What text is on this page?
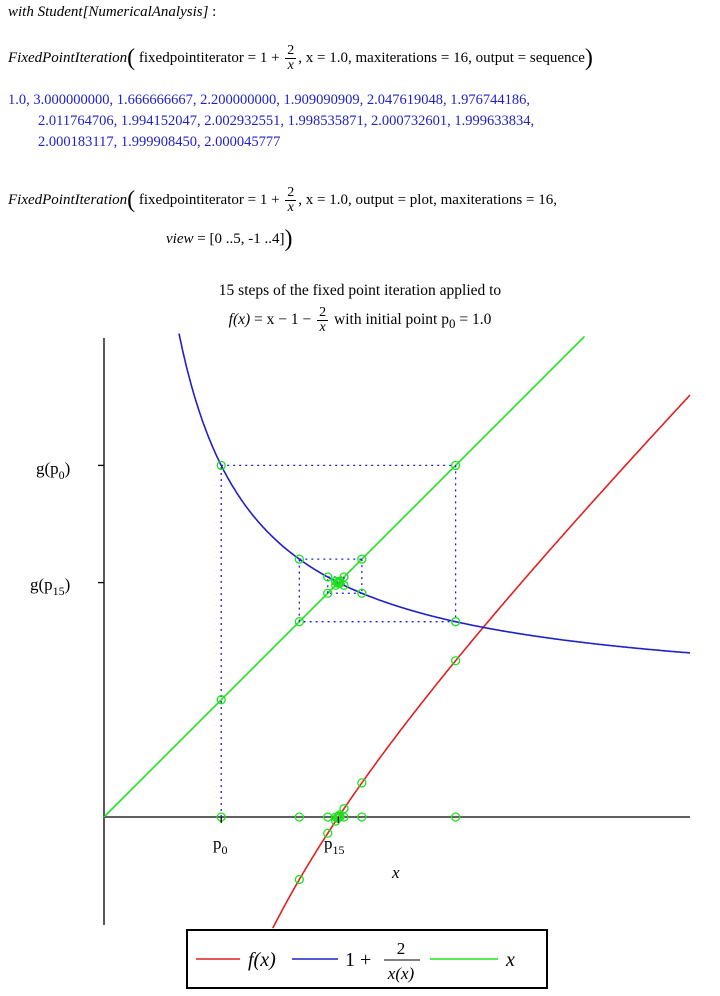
with Student[NumericalAnalysis] :
FixedPointIteration( fixedpointiterator = $1 + \frac{2}{x}$ , x = 1.0, maxiterations = 16, output = sequence)
1.0, 3.000000000, 1.666666667, 2.200000000, 1.909090909, 2.047619048, 1.976744186,
2.011764706, 1.994152047, 2.002932551, 1.998535871, 2.000732601, 1.999633834,
2.000183117, 1.999908450, 2.000045777
FixedPointIteration( fixedpointiterator = $1 + \frac{2}{x}$ , x = 1.0, output = plot, maxiterations = 16,
view = [0 ..5, -1 ..4])
15 steps of the fixed point iteration applied to
$f(x) = x - 1 - \frac{2}{x}$ with initial point $p_0 = 1.0$
$g(p_0)$
$g(p_{15})$
$p_0$	$p_{15}$
x
f(x)	1 +
2
x(x)
x
